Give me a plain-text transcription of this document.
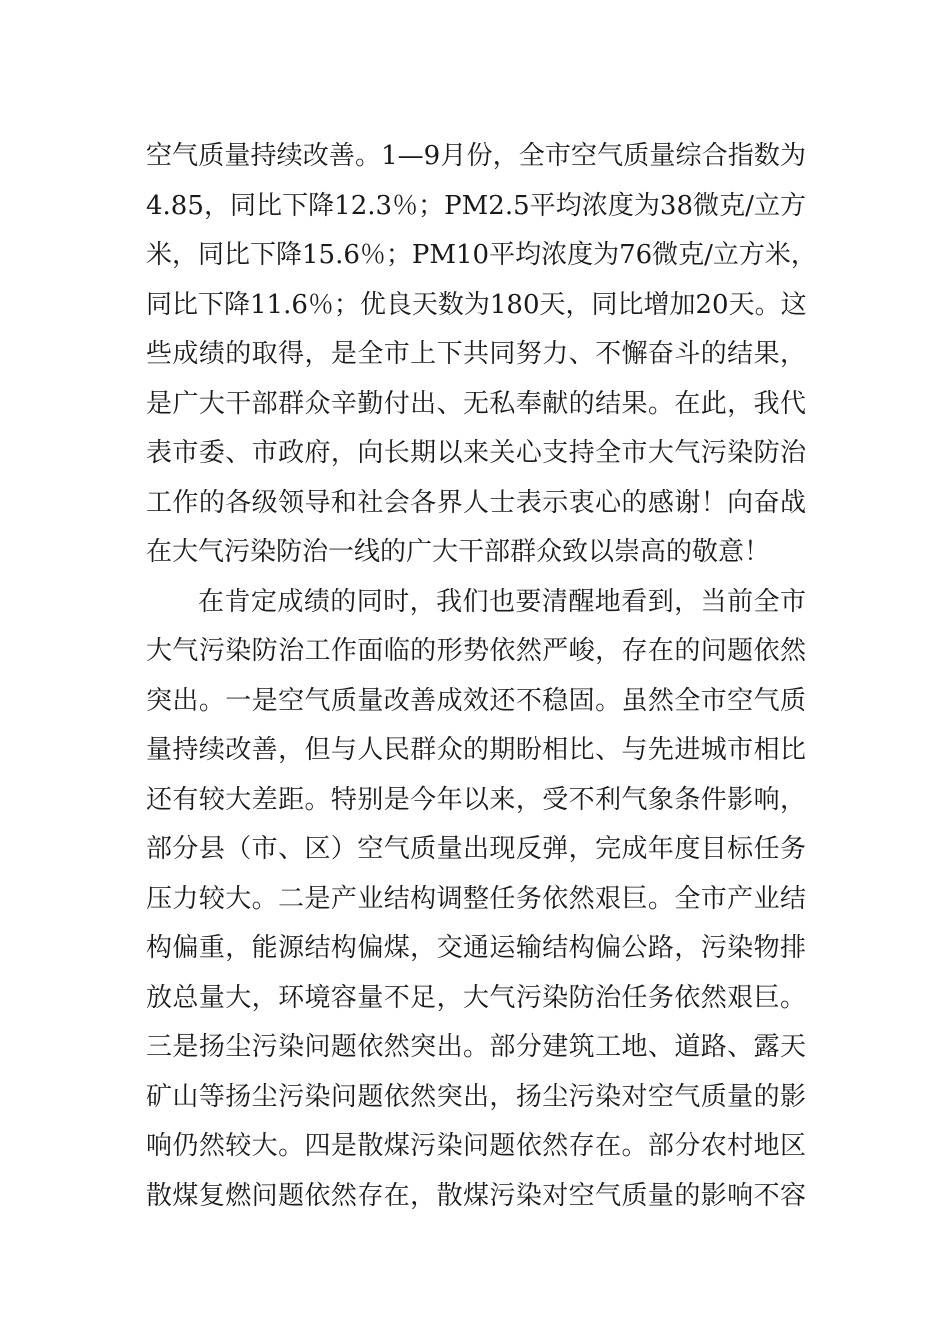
空气质量持续改善。1—9月份，全市空气质量综合指数为
4.85，同比下降12.3％；PM2.5平均浓度为38微克/立方
米，同比下降15.6％；PM10平均浓度为76微克/立方米，
同比下降11.6％；优良天数为180天，同比增加20天。这
些成绩的取得，是全市上下共同努力、不懈奋斗的结果，
是广大干部群众辛勤付出、无私奉献的结果。在此，我代
表市委、市政府，向长期以来关心支持全市大气污染防治
工作的各级领导和社会各界人士表示衷心的感谢！向奋战
在大气污染防治一线的广大干部群众致以崇高的敬意！
在肯定成绩的同时，我们也要清醒地看到，当前全市
大气污染防治工作面临的形势依然严峻，存在的问题依然
突出。一是空气质量改善成效还不稳固。虽然全市空气质
量持续改善，但与人民群众的期盼相比、与先进城市相比
还有较大差距。特别是今年以来，受不利气象条件影响，
部分县（市、区）空气质量出现反弹，完成年度目标任务
压力较大。二是产业结构调整任务依然艰巨。全市产业结
构偏重，能源结构偏煤，交通运输结构偏公路，污染物排
放总量大，环境容量不足，大气污染防治任务依然艰巨。
三是扬尘污染问题依然突出。部分建筑工地、道路、露天
矿山等扬尘污染问题依然突出，扬尘污染对空气质量的影
响仍然较大。四是散煤污染问题依然存在。部分农村地区
散煤复燃问题依然存在，散煤污染对空气质量的影响不容
